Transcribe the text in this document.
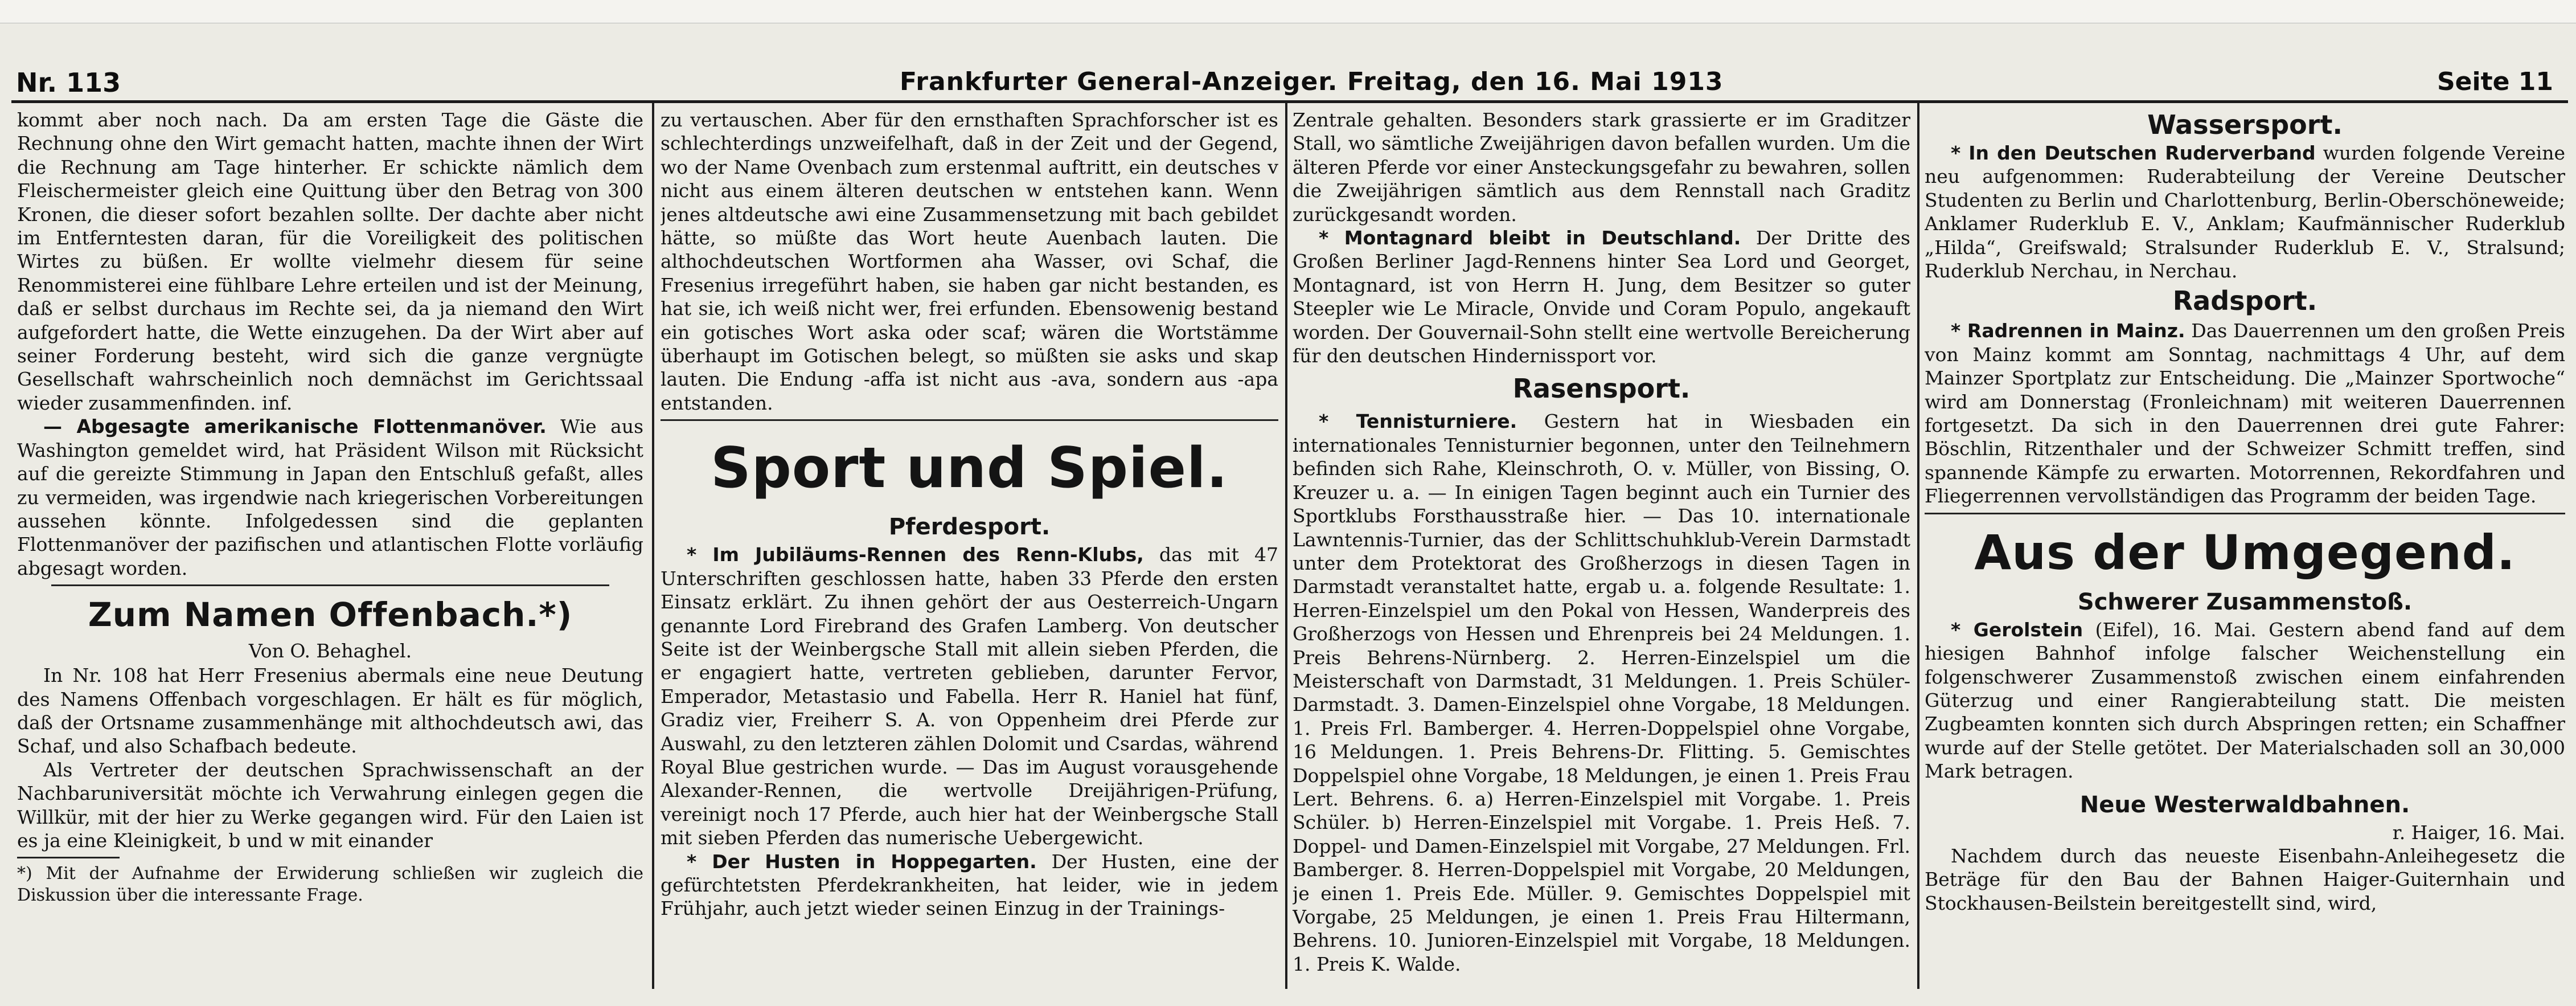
Nr. 113	Frankfurter General-Anzeiger. Freitag, den 16. Mai 1913	Seite 11

kommt aber noch nach. Da am ersten Tage die Gäste die Rechnung ohne den Wirt gemacht hatten, machte ihnen der Wirt die Rechnung am Tage hinterher. Er schickte nämlich dem Fleischermeister gleich eine Quittung über den Betrag von 300 Kronen, die dieser sofort bezahlen sollte. Der dachte aber nicht im Entferntesten daran, für die Voreiligkeit des politischen Wirtes zu büßen. Er wollte vielmehr diesem für seine Renommisterei eine fühlbare Lehre erteilen und ist der Meinung, daß er selbst durchaus im Rechte sei, da ja niemand den Wirt aufgefordert hatte, die Wette einzugehen. Da der Wirt aber auf seiner Forderung besteht, wird sich die ganze vergnügte Gesellschaft wahrscheinlich noch demnächst im Gerichtssaal wieder zusammenfinden. inf.

— Abgesagte amerikanische Flottenmanöver. Wie aus Washington gemeldet wird, hat Präsident Wilson mit Rücksicht auf die gereizte Stimmung in Japan den Entschluß gefaßt, alles zu vermeiden, was irgendwie nach kriegerischen Vorbereitungen aussehen könnte. Infolgedessen sind die geplanten Flottenmanöver der pazifischen und atlantischen Flotte vorläufig abgesagt worden.

Zum Namen Offenbach.*)
Von O. Behaghel.

In Nr. 108 hat Herr Fresenius abermals eine neue Deutung des Namens Offenbach vorgeschlagen. Er hält es für möglich, daß der Ortsname zusammenhänge mit althochdeutsch awi, das Schaf, und also Schafbach bedeute.

Als Vertreter der deutschen Sprachwissenschaft an der Nachbaruniversität möchte ich Verwahrung einlegen gegen die Willkür, mit der hier zu Werke gegangen wird. Für den Laien ist es ja eine Kleinigkeit, b und w mit einander

*) Mit der Aufnahme der Erwiderung schließen wir zugleich die Diskussion über die interessante Frage.

zu vertauschen. Aber für den ernsthaften Sprachforscher ist es schlechterdings unzweifelhaft, daß in der Zeit und der Gegend, wo der Name Ovenbach zum erstenmal auftritt, ein deutsches v nicht aus einem älteren deutschen w entstehen kann. Wenn jenes altdeutsche awi eine Zusammensetzung mit bach gebildet hätte, so müßte das Wort heute Auenbach lauten. Die althochdeutschen Wortformen aha Wasser, ovi Schaf, die Fresenius irregeführt haben, sie haben gar nicht bestanden, es hat sie, ich weiß nicht wer, frei erfunden. Ebensowenig bestand ein gotisches Wort aska oder scaf; wären die Wortstämme überhaupt im Gotischen belegt, so müßten sie asks und skap lauten. Die Endung -affa ist nicht aus -ava, sondern aus -apa entstanden.

Sport und Spiel.
Pferdesport.

* Im Jubiläums-Rennen des Renn-Klubs, das mit 47 Unterschriften geschlossen hatte, haben 33 Pferde den ersten Einsatz erklärt. Zu ihnen gehört der aus Oesterreich-Ungarn genannte Lord Firebrand des Grafen Lamberg. Von deutscher Seite ist der Weinbergsche Stall mit allein sieben Pferden, die er engagiert hatte, vertreten geblieben, darunter Fervor, Emperador, Metastasio und Fabella. Herr R. Haniel hat fünf, Gradiz vier, Freiherr S. A. von Oppenheim drei Pferde zur Auswahl, zu den letzteren zählen Dolomit und Csardas, während Royal Blue gestrichen wurde. — Das im August vorausgehende Alexander-Rennen, die wertvolle Dreijährigen-Prüfung, vereinigt noch 17 Pferde, auch hier hat der Weinbergsche Stall mit sieben Pferden das numerische Uebergewicht.

* Der Husten in Hoppegarten. Der Husten, eine der gefürchtetsten Pferdekrankheiten, hat leider, wie in jedem Frühjahr, auch jetzt wieder seinen Einzug in der Trainings-

Zentrale gehalten. Besonders stark grassierte er im Graditzer Stall, wo sämtliche Zweijährigen davon befallen wurden. Um die älteren Pferde vor einer Ansteckungsgefahr zu bewahren, sollen die Zweijährigen sämtlich aus dem Rennstall nach Graditz zurückgesandt worden.

* Montagnard bleibt in Deutschland. Der Dritte des Großen Berliner Jagd-Rennens hinter Sea Lord und Georget, Montagnard, ist von Herrn H. Jung, dem Besitzer so guter Steepler wie Le Miracle, Onvide und Coram Populo, angekauft worden. Der Gouvernail-Sohn stellt eine wertvolle Bereicherung für den deutschen Hindernissport vor.

Rasensport.

* Tennisturniere. Gestern hat in Wiesbaden ein internationales Tennisturnier begonnen, unter den Teilnehmern befinden sich Rahe, Kleinschroth, O. v. Müller, von Bissing, O. Kreuzer u. a. — In einigen Tagen beginnt auch ein Turnier des Sportklubs Forsthausstraße hier. — Das 10. internationale Lawntennis-Turnier, das der Schlittschuhklub-Verein Darmstadt unter dem Protektorat des Großherzogs in diesen Tagen in Darmstadt veranstaltet hatte, ergab u. a. folgende Resultate: 1. Herren-Einzelspiel um den Pokal von Hessen, Wanderpreis des Großherzogs von Hessen und Ehrenpreis bei 24 Meldungen. 1. Preis Behrens-Nürnberg. 2. Herren-Einzelspiel um die Meisterschaft von Darmstadt, 31 Meldungen. 1. Preis Schüler-Darmstadt. 3. Damen-Einzelspiel ohne Vorgabe, 18 Meldungen. 1. Preis Frl. Bamberger. 4. Herren-Doppelspiel ohne Vorgabe, 16 Meldungen. 1. Preis Behrens-Dr. Flitting. 5. Gemischtes Doppelspiel ohne Vorgabe, 18 Meldungen, je einen 1. Preis Frau Lert. Behrens. 6. a) Herren-Einzelspiel mit Vorgabe. 1. Preis Schüler. b) Herren-Einzelspiel mit Vorgabe. 1. Preis Heß. 7. Doppel- und Damen-Einzelspiel mit Vorgabe, 27 Meldungen. Frl. Bamberger. 8. Herren-Doppelspiel mit Vorgabe, 20 Meldungen, je einen 1. Preis Ede. Müller. 9. Gemischtes Doppelspiel mit Vorgabe, 25 Meldungen, je einen 1. Preis Frau Hiltermann, Behrens. 10. Junioren-Einzelspiel mit Vorgabe, 18 Meldungen. 1. Preis K. Walde.

Wassersport.

* In den Deutschen Ruderverband wurden folgende Vereine neu aufgenommen: Ruderabteilung der Vereine Deutscher Studenten zu Berlin und Charlottenburg, Berlin-Oberschöneweide; Anklamer Ruderklub E. V., Anklam; Kaufmännischer Ruderklub „Hilda“, Greifswald; Stralsunder Ruderklub E. V., Stralsund; Ruderklub Nerchau, in Nerchau.

Radsport.

* Radrennen in Mainz. Das Dauerrennen um den großen Preis von Mainz kommt am Sonntag, nachmittags 4 Uhr, auf dem Mainzer Sportplatz zur Entscheidung. Die „Mainzer Sportwoche“ wird am Donnerstag (Fronleichnam) mit weiteren Dauerrennen fortgesetzt. Da sich in den Dauerrennen drei gute Fahrer: Böschlin, Ritzenthaler und der Schweizer Schmitt treffen, sind spannende Kämpfe zu erwarten. Motorrennen, Rekordfahren und Fliegerrennen vervollständigen das Programm der beiden Tage.

Aus der Umgegend.
Schwerer Zusammenstoß.

* Gerolstein (Eifel), 16. Mai. Gestern abend fand auf dem hiesigen Bahnhof infolge falscher Weichenstellung ein folgenschwerer Zusammenstoß zwischen einem einfahrenden Güterzug und einer Rangierabteilung statt. Die meisten Zugbeamten konnten sich durch Abspringen retten; ein Schaffner wurde auf der Stelle getötet. Der Materialschaden soll an 30,000 Mark betragen.

Neue Westerwaldbahnen.

r. Haiger, 16. Mai.

Nachdem durch das neueste Eisenbahn-Anleihegesetz die Beträge für den Bau der Bahnen Haiger-Guiternhain und Stockhausen-Beilstein bereitgestellt sind, wird,
